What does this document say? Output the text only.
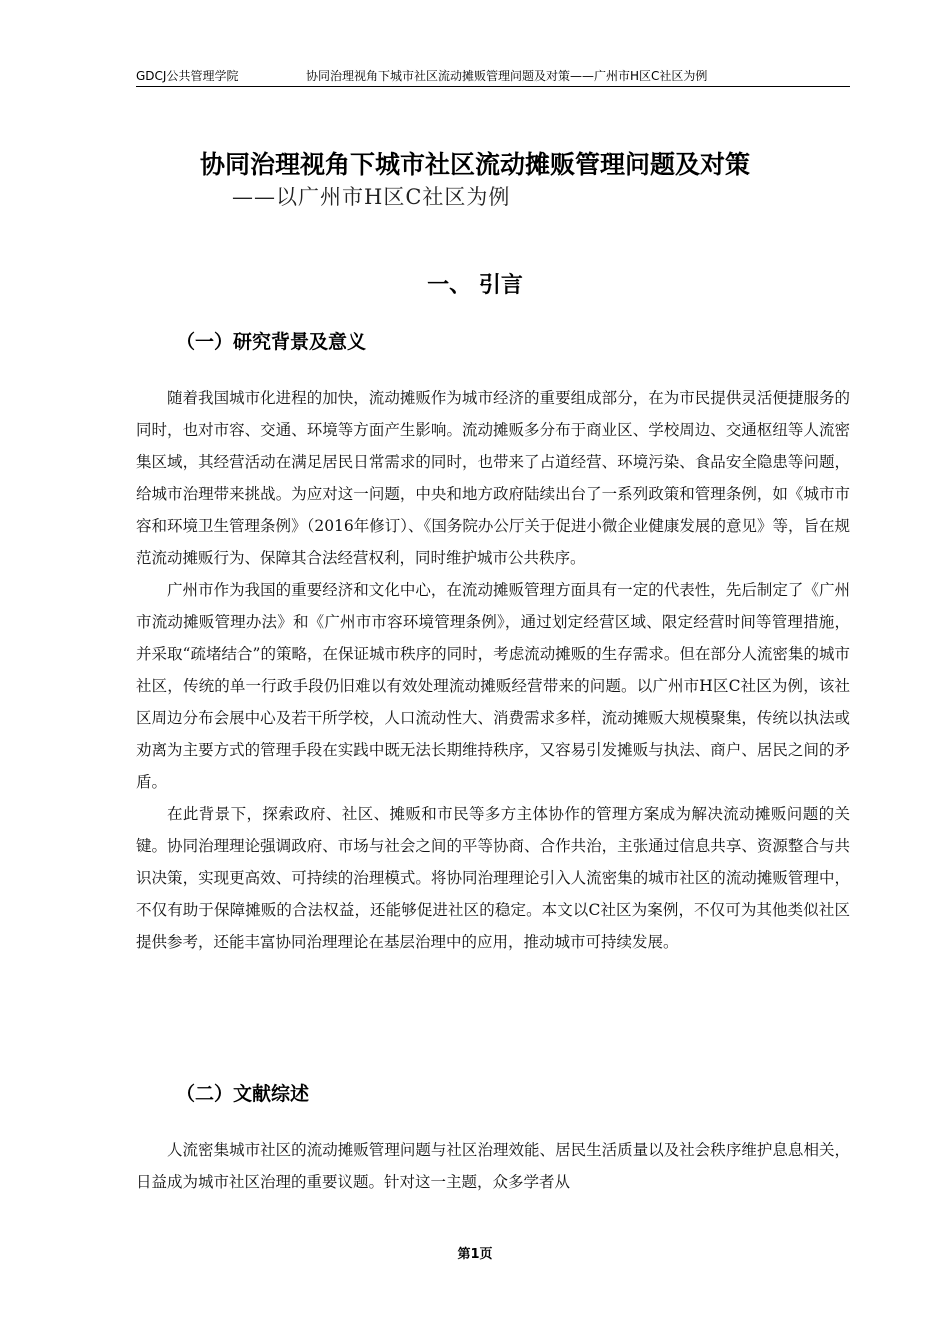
GDCJ公共管理学院	协同治理视角下城市社区流动摊贩管理问题及对策——广州市H区C社区为例
协同治理视角下城市社区流动摊贩管理问题及对策
——以广州市H区C社区为例
一、 引言
（一）研究背景及意义

随着我国城市化进程的加快，流动摊贩作为城市经济的重要组成部分，在为市民提供灵活便捷服务的同时，也对市容、交通、环境等方面产生影响。流动摊贩多分布于商业区、学校周边、交通枢纽等人流密集区域，其经营活动在满足居民日常需求的同时，也带来了占道经营、环境污染、食品安全隐患等问题，给城市治理带来挑战。为应对这一问题，中央和地方政府陆续出台了一系列政策和管理条例，如《城市市容和环境卫生管理条例》（2016年修订）、《国务院办公厅关于促进小微企业健康发展的意见》等，旨在规范流动摊贩行为、保障其合法经营权利，同时维护城市公共秩序。

广州市作为我国的重要经济和文化中心，在流动摊贩管理方面具有一定的代表性，先后制定了《广州市流动摊贩管理办法》和《广州市市容环境管理条例》，通过划定经营区域、限定经营时间等管理措施，并采取“疏堵结合”的策略，在保证城市秩序的同时，考虑流动摊贩的生存需求。但在部分人流密集的城市社区，传统的单一行政手段仍旧难以有效处理流动摊贩经营带来的问题。以广州市H区C社区为例，该社区周边分布会展中心及若干所学校，人口流动性大、消费需求多样，流动摊贩大规模聚集，传统以执法或劝离为主要方式的管理手段在实践中既无法长期维持秩序，又容易引发摊贩与执法、商户、居民之间的矛盾。

在此背景下，探索政府、社区、摊贩和市民等多方主体协作的管理方案成为解决流动摊贩问题的关键。协同治理理论强调政府、市场与社会之间的平等协商、合作共治，主张通过信息共享、资源整合与共识决策，实现更高效、可持续的治理模式。将协同治理理论引入人流密集的城市社区的流动摊贩管理中，不仅有助于保障摊贩的合法权益，还能够促进社区的稳定。本文以C社区为案例，不仅可为其他类似社区提供参考，还能丰富协同治理理论在基层治理中的应用，推动城市可持续发展。

（二）文献综述

人流密集城市社区的流动摊贩管理问题与社区治理效能、居民生活质量以及社会秩序维护息息相关，日益成为城市社区治理的重要议题。针对这一主题，众多学者从

第1页
